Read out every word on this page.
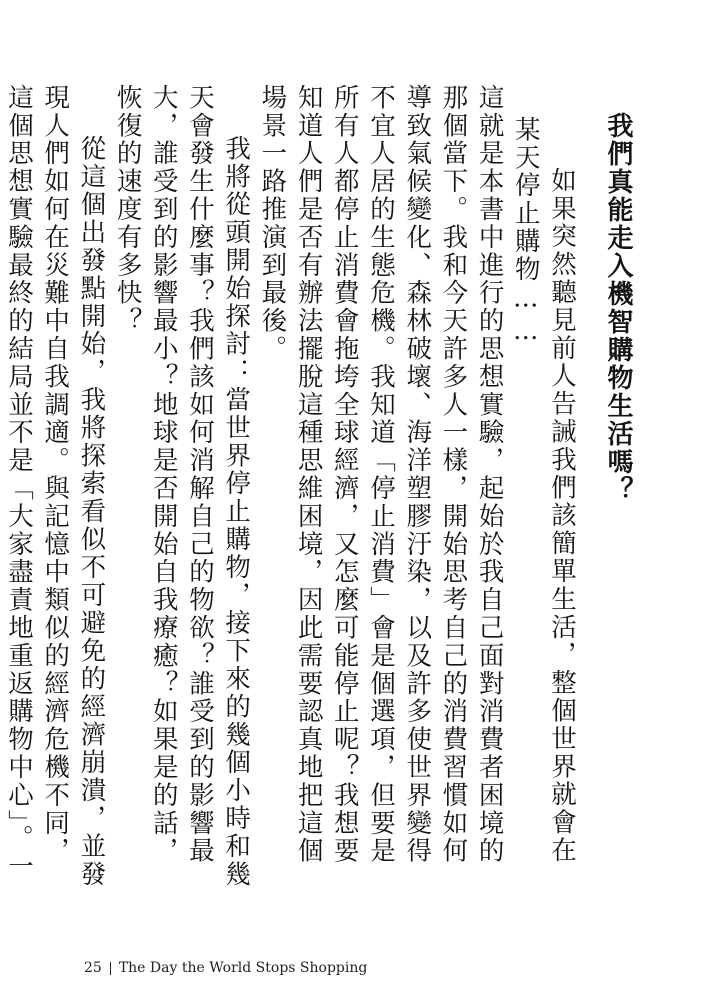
我們真能走入機智購物生活嗎？

如果突然聽見前人告誡我們該簡單生活，整個世界就會在某天停止購物……

這就是本書中進行的思想實驗，起始於我自己面對消費者困境的那個當下。我和今天許多人一樣，開始思考自己的消費習慣如何導致氣候變化、森林破壞、海洋塑膠汙染，以及許多使世界變得不宜人居的生態危機。我知道「停止消費」會是個選項，但要是所有人都停止消費會拖垮全球經濟，又怎麼可能停止呢？我想要知道人們是否有辦法擺脫這種思維困境，因此需要認真地把這個場景一路推演到最後。

我將從頭開始探討：當世界停止購物，接下來的幾個小時和幾天會發生什麼事？我們該如何消解自己的物欲？誰受到的影響最大，誰受到的影響最小？地球是否開始自我療癒？如果是的話，恢復的速度有多快？

從這個出發點開始，我將探索看似不可避免的經濟崩潰，並發現人們如何在災難中自我調適。與記憶中類似的經濟危機不同，這個思想實驗最終的結局並不是「大家盡責地重返購物中心」。一

25 The Day the World Stops Shopping
